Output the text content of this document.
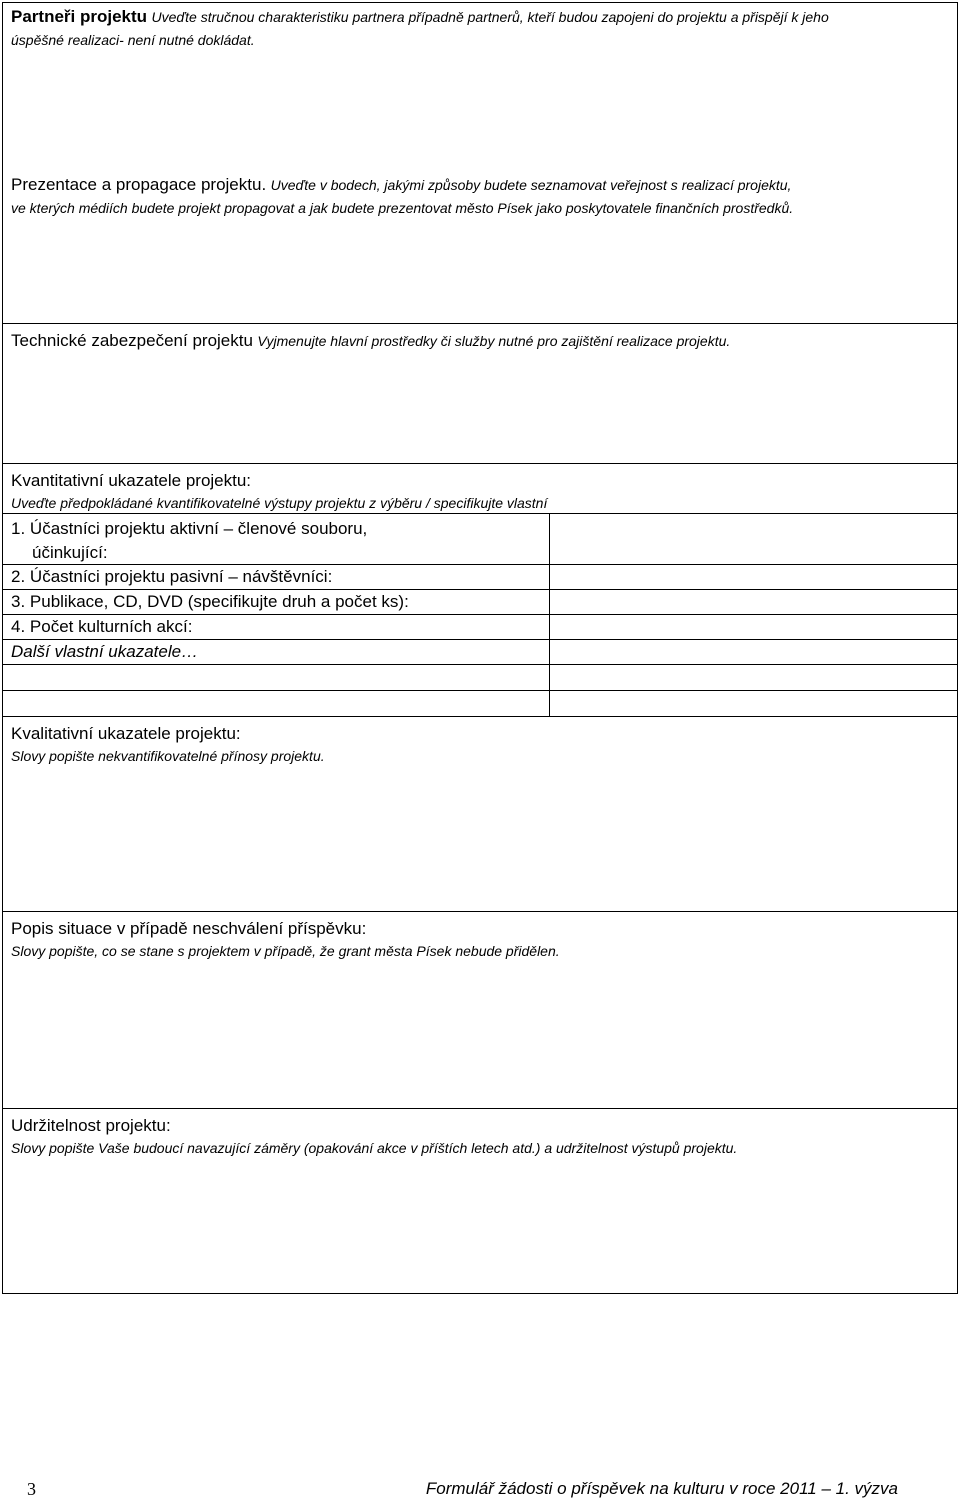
Partneři projektu Uveďte stručnou charakteristiku partnera případně partnerů, kteří budou zapojeni do projektu a přispějí k jeho
úspěšné realizaci- není nutné dokládat.
Prezentace a propagace projektu. Uveďte v bodech, jakými způsoby budete seznamovat veřejnost s realizací projektu,
ve kterých médiích budete projekt propagovat a jak budete prezentovat město Písek jako poskytovatele finančních prostředků.
Technické zabezpečení projektu Vyjmenujte hlavní prostředky či služby nutné pro zajištění realizace projektu.
Kvantitativní ukazatele projektu:
Uveďte předpokládané kvantifikovatelné výstupy projektu z výběru / specifikujte vlastní
1. Účastníci projektu aktivní – členové souboru,
účinkující:
2. Účastníci projektu pasivní – návštěvníci:
3. Publikace, CD, DVD (specifikujte druh a počet ks):
4. Počet kulturních akcí:
Další vlastní ukazatele…
Kvalitativní ukazatele projektu:
Slovy popište nekvantifikovatelné přínosy projektu.
Popis situace v případě neschválení příspěvku:
Slovy popište, co se stane s projektem v případě, že grant města Písek nebude přidělen.
Udržitelnost projektu:
Slovy popište Vaše budoucí navazující záměry (opakování akce v příštích letech atd.) a udržitelnost výstupů projektu.
3	Formulář žádosti o příspěvek na kulturu v roce 2011 – 1. výzva
